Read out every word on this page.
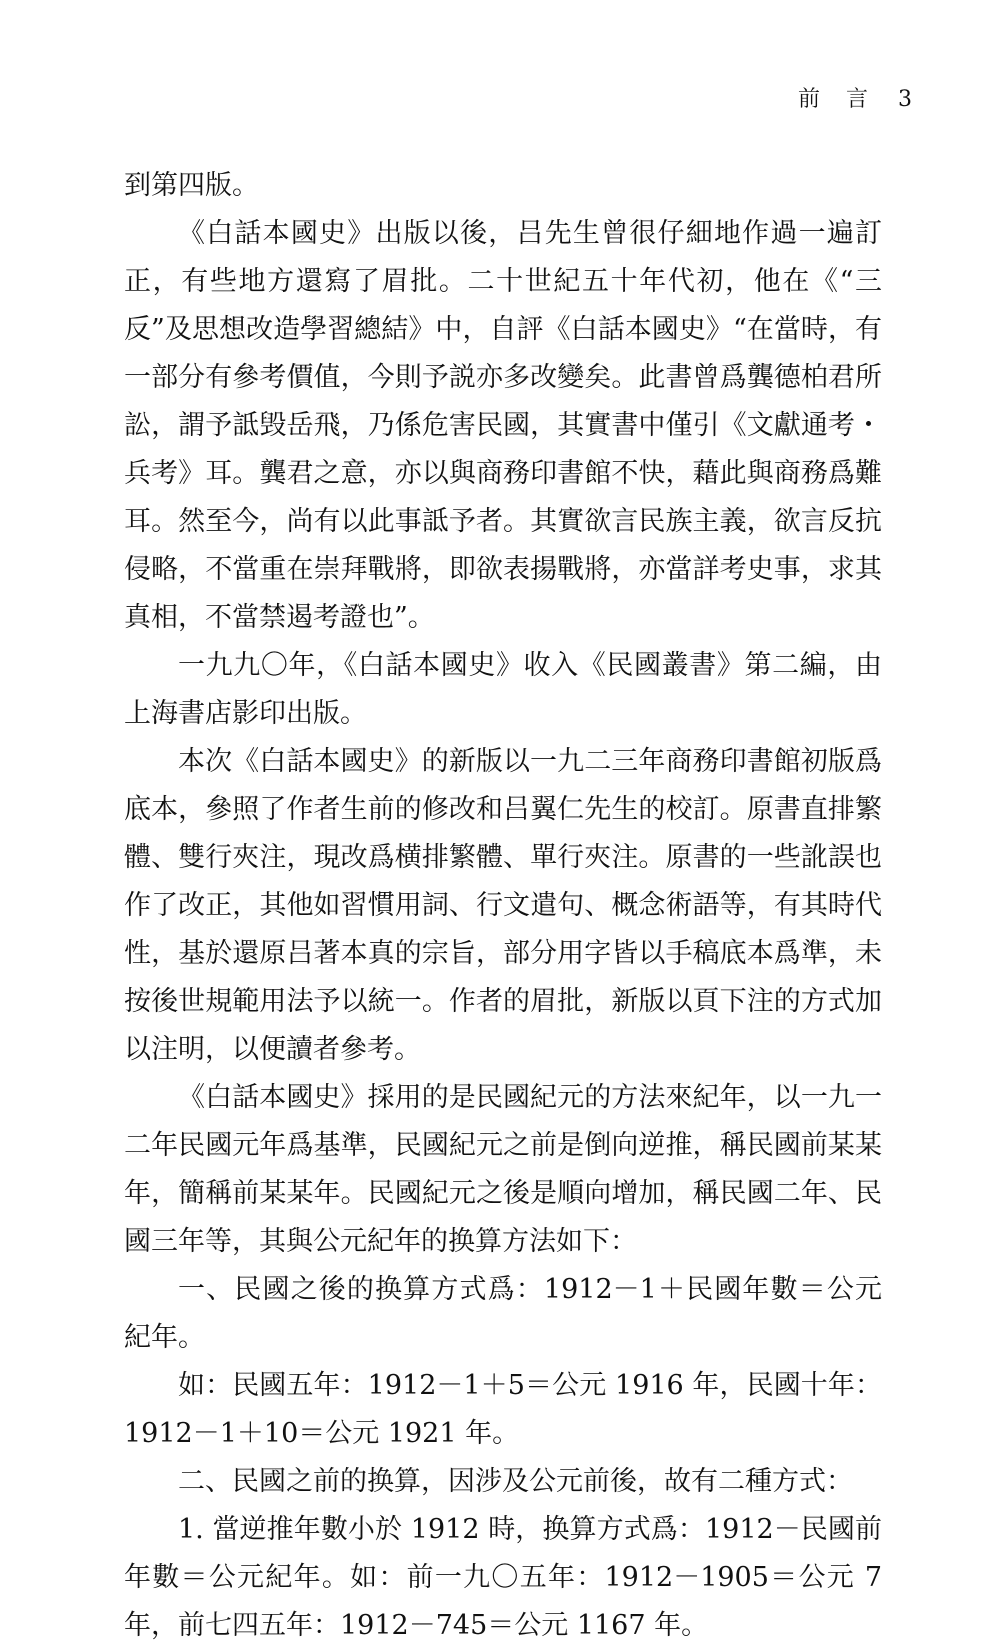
前言 3

到第四版。

《白話本國史》出版以後，吕先生曾很仔細地作過一遍訂正，有些地方還寫了眉批。二十世紀五十年代初，他在《“三反”及思想改造學習總結》中，自評《白話本國史》“在當時，有一部分有參考價值，今則予説亦多改變矣。此書曾爲龔德柏君所訟，謂予詆毁岳飛，乃係危害民國，其實書中僅引《文獻通考・兵考》耳。龔君之意，亦以與商務印書館不快，藉此與商務爲難耳。然至今，尚有以此事詆予者。其實欲言民族主義，欲言反抗侵略，不當重在崇拜戰將，即欲表揚戰將，亦當詳考史事，求其真相，不當禁遏考證也”。

一九九〇年，《白話本國史》收入《民國叢書》第二編，由上海書店影印出版。

本次《白話本國史》的新版以一九二三年商務印書館初版爲底本，參照了作者生前的修改和吕翼仁先生的校訂。原書直排繁體、雙行夾注，現改爲横排繁體、單行夾注。原書的一些訛誤也作了改正，其他如習慣用詞、行文遣句、概念術語等，有其時代性，基於還原吕著本真的宗旨，部分用字皆以手稿底本爲準，未按後世規範用法予以統一。作者的眉批，新版以頁下注的方式加以注明，以便讀者參考。

《白話本國史》採用的是民國紀元的方法來紀年，以一九一二年民國元年爲基準，民國紀元之前是倒向逆推，稱民國前某某年，簡稱前某某年。民國紀元之後是順向增加，稱民國二年、民國三年等，其與公元紀年的换算方法如下：

一、民國之後的换算方式爲：1912－1＋民國年數＝公元紀年。

如：民國五年：1912－1＋5＝公元 1916 年，民國十年：1912－1＋10＝公元 1921 年。

二、民國之前的换算，因涉及公元前後，故有二種方式：

1. 當逆推年數小於 1912 時，换算方式爲：1912－民國前年數＝公元紀年。如：前一九〇五年：1912－1905＝公元 7 年，前七四五年：1912－745＝公元 1167 年。
